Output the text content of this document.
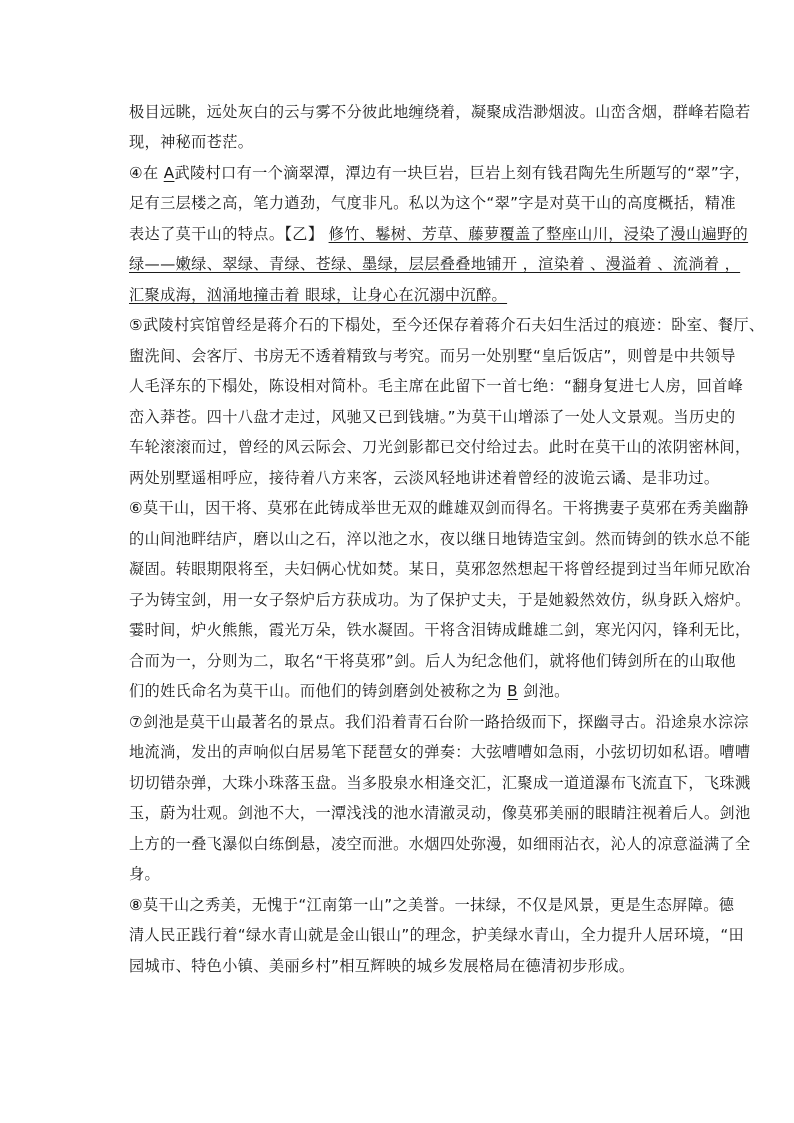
极目远眺，远处灰白的云与雾不分彼此地缠绕着，凝聚成浩渺烟波。山峦含烟，群峰若隐若
现，神秘而苍茫。
④在 A武陵村口有一个滴翠潭，潭边有一块巨岩，巨岩上刻有钱君陶先生所题写的“翠”字，
足有三层楼之高，笔力遒劲，气度非凡。私以为这个“翠”字是对莫干山的高度概括，精准
表达了莫干山的特点。【乙】 修竹、鬈树、芳草、藤萝覆盖了整座山川，浸染了漫山遍野的
绿——嫩绿、翠绿、青绿、苍绿、墨绿，层层叠叠地铺开 ，渲染着 、漫溢着 、流淌着 ，
汇聚成海，汹涌地撞击着 眼球，让身心在沉溺中沉醉。
⑤武陵村宾馆曾经是蒋介石的下榻处，至今还保存着蒋介石夫妇生活过的痕迹：卧室、餐厅、
盥洗间、会客厅、书房无不透着精致与考究。而另一处别墅“皇后饭店”，则曾是中共领导
人毛泽东的下榻处，陈设相对简朴。毛主席在此留下一首七绝：“翻身复进七人房，回首峰
峦入莽苍。四十八盘才走过，风驰又已到钱塘。”为莫干山增添了一处人文景观。当历史的
车轮滚滚而过，曾经的风云际会、刀光剑影都已交付给过去。此时在莫干山的浓阴密林间，
两处别墅遥相呼应，接待着八方来客，云淡风轻地讲述着曾经的波诡云谲、是非功过。
⑥莫干山，因干将、莫邪在此铸成举世无双的雌雄双剑而得名。干将携妻子莫邪在秀美幽静
的山间池畔结庐，磨以山之石，淬以池之水，夜以继日地铸造宝剑。然而铸剑的铁水总不能
凝固。转眼期限将至，夫妇俩心忧如焚。某日，莫邪忽然想起干将曾经提到过当年师兄欧冶
子为铸宝剑，用一女子祭炉后方获成功。为了保护丈夫，于是她毅然效仿，纵身跃入熔炉。
霎时间，炉火熊熊，霞光万朵，铁水凝固。干将含泪铸成雌雄二剑，寒光闪闪，锋利无比，
合而为一，分则为二，取名“干将莫邪”剑。后人为纪念他们，就将他们铸剑所在的山取他
们的姓氏命名为莫干山。而他们的铸剑磨剑处被称之为 B 剑池。
⑦剑池是莫干山最著名的景点。我们沿着青石台阶一路拾级而下，探幽寻古。沿途泉水淙淙
地流淌，发出的声响似白居易笔下琵琶女的弹奏：大弦嘈嘈如急雨，小弦切切如私语。嘈嘈
切切错杂弹，大珠小珠落玉盘。当多股泉水相逢交汇，汇聚成一道道瀑布飞流直下，飞珠溅
玉，蔚为壮观。剑池不大，一潭浅浅的池水清澈灵动，像莫邪美丽的眼睛注视着后人。剑池
上方的一叠飞瀑似白练倒悬，凌空而泄。水烟四处弥漫，如细雨沾衣，沁人的凉意溢满了全
身。
⑧莫干山之秀美，无愧于“江南第一山”之美誉。一抹绿，不仅是风景，更是生态屏障。德
清人民正践行着“绿水青山就是金山银山”的理念，护美绿水青山，全力提升人居环境，“田
园城市、特色小镇、美丽乡村”相互辉映的城乡发展格局在德清初步形成。
